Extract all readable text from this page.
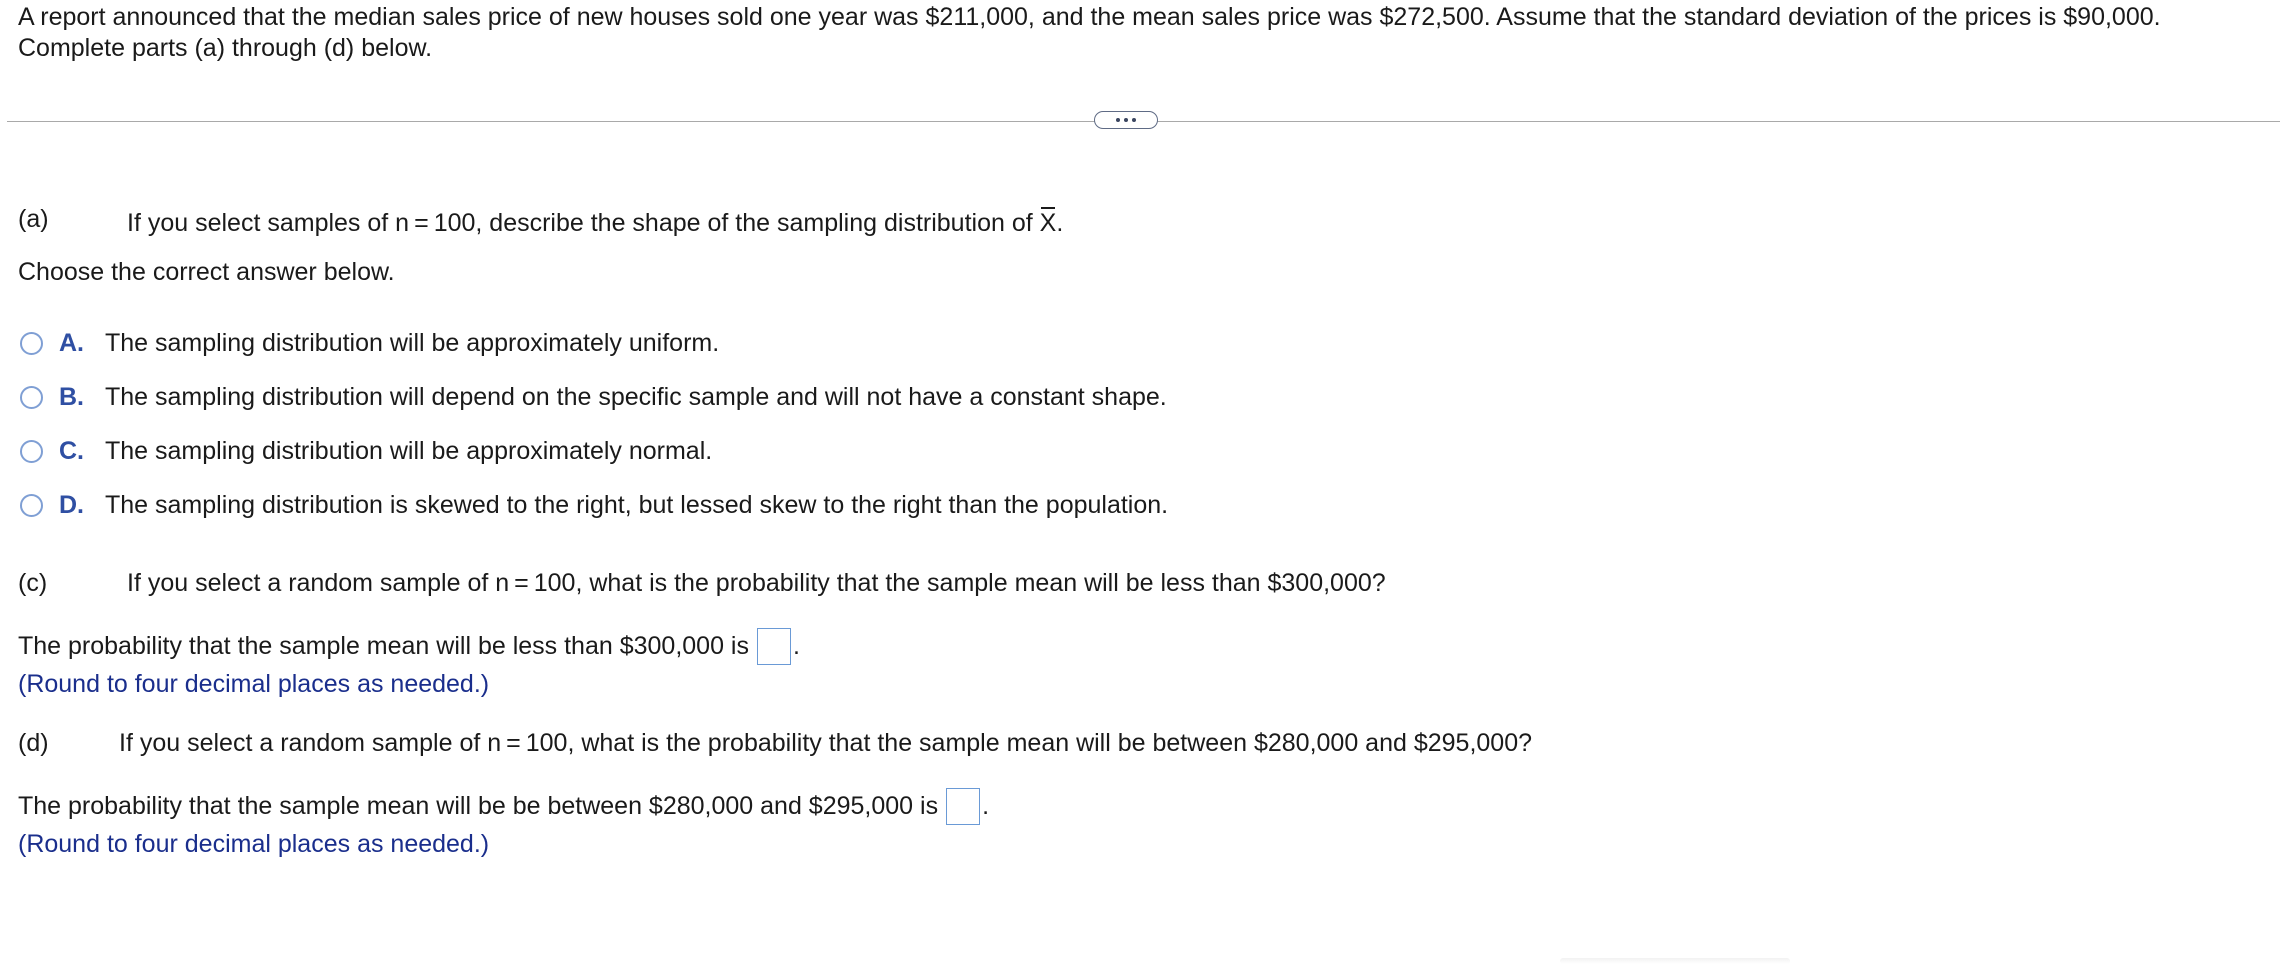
A report announced that the median sales price of new houses sold one year was $211,000, and the mean sales price was $272,500. Assume that the standard deviation of the prices is $90,000.
Complete parts (a) through (d) below.
(a)	If you select samples of n = 100, describe the shape of the sampling distribution of X.
Choose the correct answer below.
A. The sampling distribution will be approximately uniform.
B. The sampling distribution will depend on the specific sample and will not have a constant shape.
C. The sampling distribution will be approximately normal.
D. The sampling distribution is skewed to the right, but lessed skew to the right than the population.
(c)	If you select a random sample of n = 100, what is the probability that the sample mean will be less than $300,000?
The probability that the sample mean will be less than $300,000 is .
(Round to four decimal places as needed.)
(d)	If you select a random sample of n = 100, what is the probability that the sample mean will be between $280,000 and $295,000?
The probability that the sample mean will be be between $280,000 and $295,000 is .
(Round to four decimal places as needed.)
